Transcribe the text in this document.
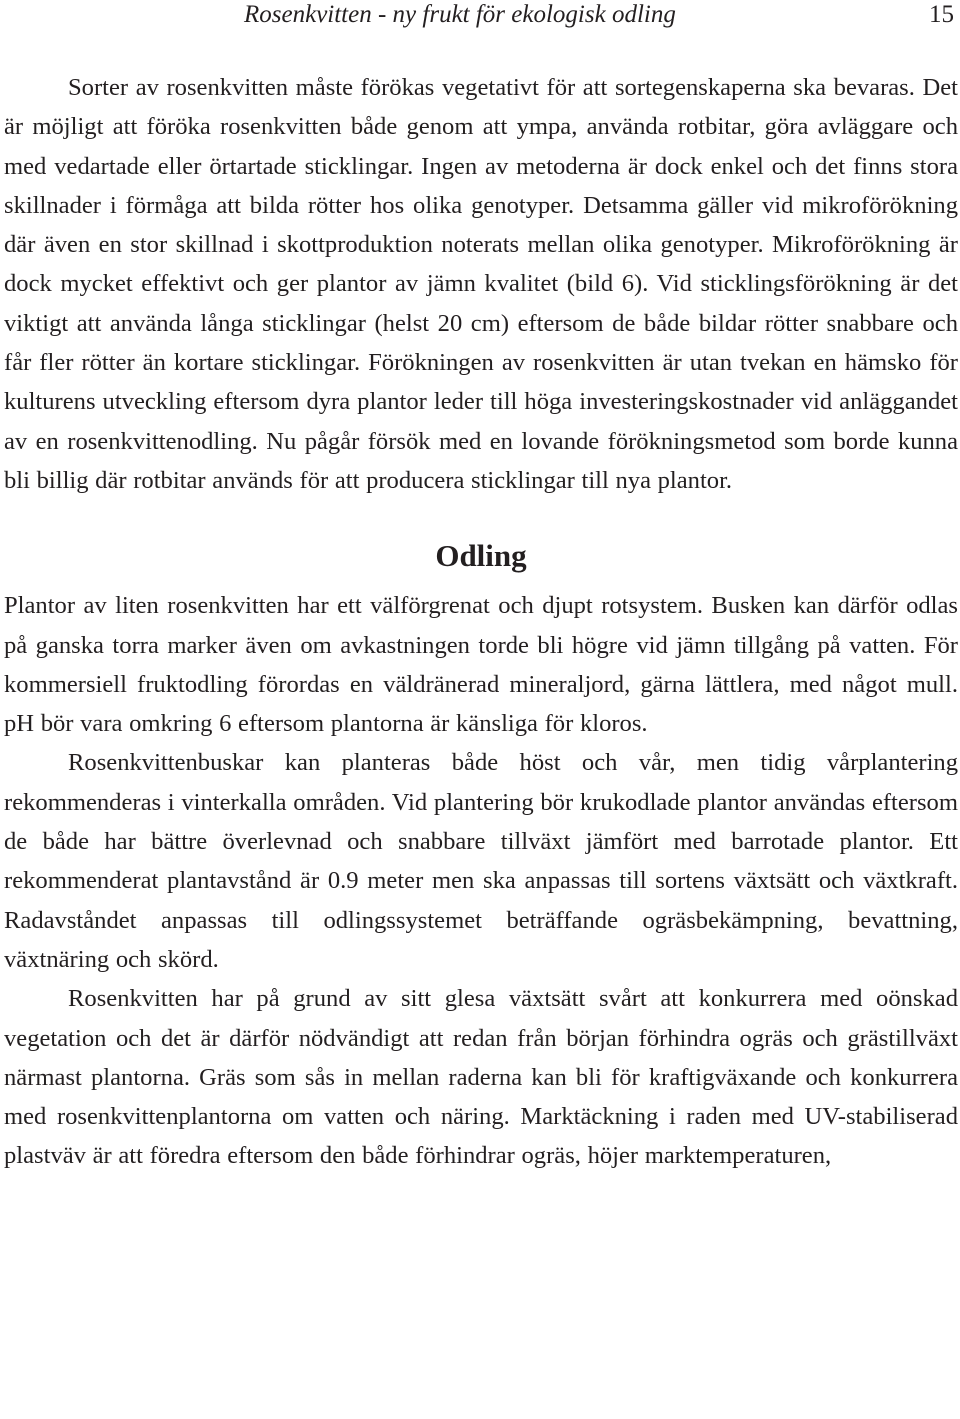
Rosenkvitten - ny frukt för ekologisk odling	15

Sorter av rosenkvitten måste förökas vegetativt för att sortegenskaperna ska bevaras. Det är möjligt att föröka rosenkvitten både genom att ympa, använda rotbitar, göra avläggare och med vedartade eller örtartade sticklingar. Ingen av metoderna är dock enkel och det finns stora skillnader i förmåga att bilda rötter hos olika genotyper. Detsamma gäller vid mikroförökning där även en stor skillnad i skottproduktion noterats mellan olika genotyper. Mikroförökning är dock mycket effektivt och ger plantor av jämn kvalitet (bild 6). Vid sticklingsförökning är det viktigt att använda långa sticklingar (helst 20 cm) eftersom de både bildar rötter snabbare och får fler rötter än kortare sticklingar. Förökningen av rosenkvitten är utan tvekan en hämsko för kulturens utveckling eftersom dyra plantor leder till höga investeringskostnader vid anläggandet av en rosenkvittenodling. Nu pågår försök med en lovande förökningsmetod som borde kunna bli billig där rotbitar används för att producera sticklingar till nya plantor.

Odling

Plantor av liten rosenkvitten har ett välförgrenat och djupt rotsystem. Busken kan därför odlas på ganska torra marker även om avkastningen torde bli högre vid jämn tillgång på vatten. För kommersiell fruktodling förordas en väldränerad mineraljord, gärna lättlera, med något mull. pH bör vara omkring 6 eftersom plantorna är känsliga för kloros.

Rosenkvittenbuskar kan planteras både höst och vår, men tidig vårplantering rekommenderas i vinterkalla områden. Vid plantering bör krukodlade plantor användas eftersom de både har bättre överlevnad och snabbare tillväxt jämfört med barrotade plantor. Ett rekommenderat plantavstånd är 0.9 meter men ska anpassas till sortens växtsätt och växtkraft. Radavståndet anpassas till odlingssystemet beträffande ogräsbekämpning, bevattning, växtnäring och skörd.

Rosenkvitten har på grund av sitt glesa växtsätt svårt att konkurrera med oönskad vegetation och det är därför nödvändigt att redan från början förhindra ogräs och grästillväxt närmast plantorna. Gräs som sås in mellan raderna kan bli för kraftigväxande och konkurrera med rosenkvittenplantorna om vatten och näring. Marktäckning i raden med UV-stabiliserad plastväv är att föredra eftersom den både förhindrar ogräs, höjer marktemperaturen,
